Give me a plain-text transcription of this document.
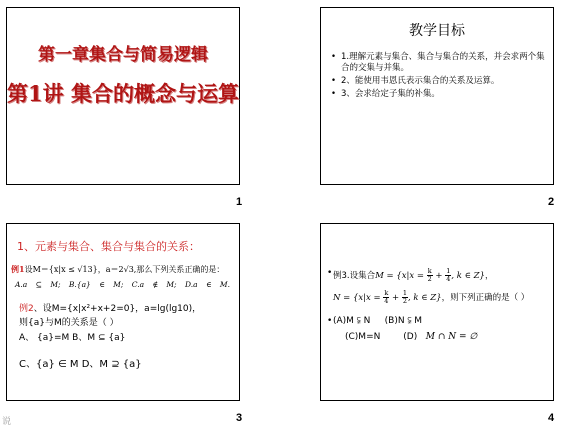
第一章集合与简易逻辑
第1讲 集合的概念与运算
1
教学目标
• 1.理解元素与集合、集合与集合的关系，并会求两个集合的交集与并集。
• 2、能使用韦恩氏表示集合的关系及运算。
• 3、会求给定子集的补集。
2
1、元素与集合、集合与集合的关系：
例1设M＝{x|x ≤ √13}，a＝2√3,那么下列关系正确的是：
A.a ⊆ M; B.{a} ∈ M; C.a ∉ M; D.a ∈ M.
例2、设M={x|x²+x+2=0}，a=lg(lg10)，
则{a}与M的关系是（ ）
A、 {a}=M B、M ⊆ {a}
C、{a} ∈ M D、M ⊇ {a}
3
• 例3.设集合$M = \{x|x = \frac{k}{2} + \frac{1}{4}$ , k ∈ Z}，
$N = \{x|x = \frac{k}{4} + \frac{1}{2}$ , k ∈ Z}，则下列正确的是（ ）
• (A)M ⫋ N (B)N ⫋ M
(C)M=N	(D) M ∩ N = ∅
4
说
